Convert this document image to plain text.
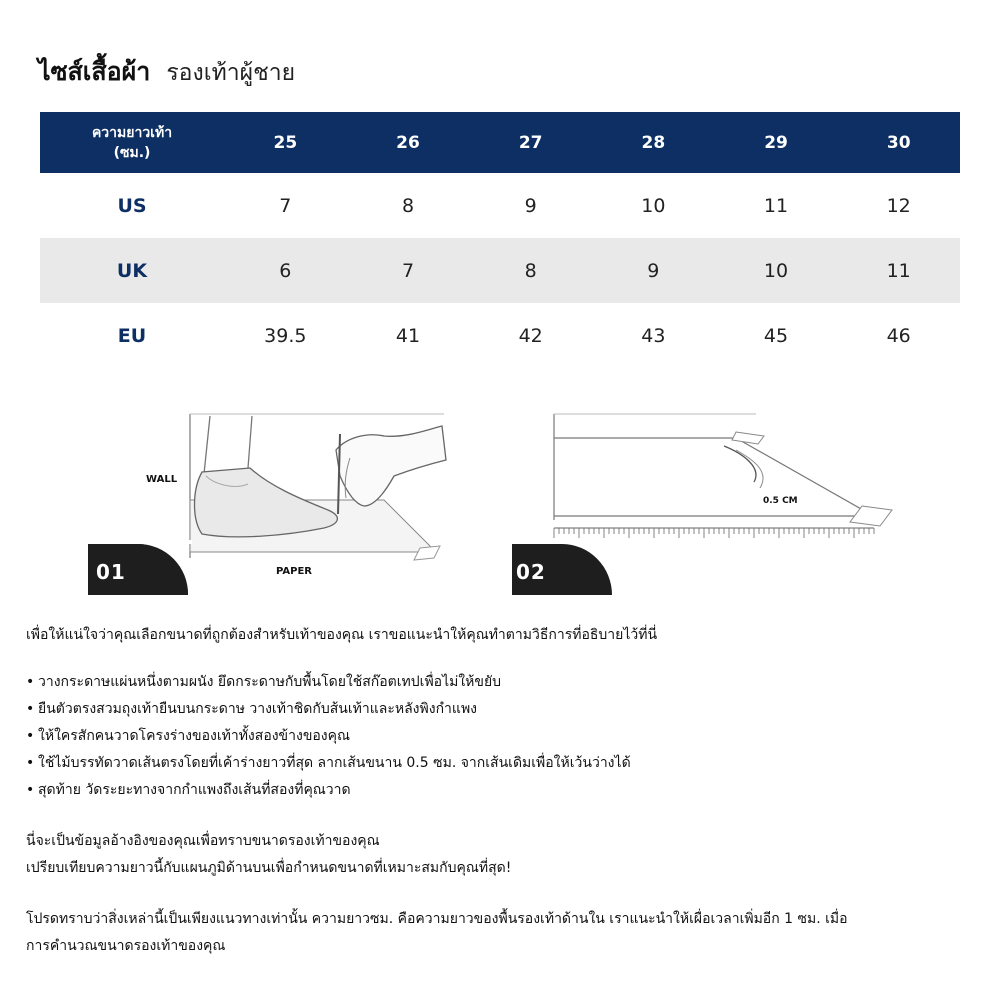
ไซส์เสื้อผ้า รองเท้าผู้ชาย
ความยาวเท้า
(ซม.)	25	26	27	28	29	30
US	7	8	9	10	11	12
UK	6	7	8	9	10	11
EU	39.5	41	42	43	45	46
01
WALL
PAPER	02
0.5 CM
เพื่อให้แน่ใจว่าคุณเลือกขนาดที่ถูกต้องสำหรับเท้าของคุณ เราขอแนะนำให้คุณทำตามวิธีการที่อธิบายไว้ที่นี่
• วางกระดาษแผ่นหนึ่งตามผนัง ยึดกระดาษกับพื้นโดยใช้สก๊อตเทปเพื่อไม่ให้ขยับ
• ยืนตัวตรงสวมถุงเท้ายืนบนกระดาษ วางเท้าชิดกับส้นเท้าและหลังพิงกำแพง
• ให้ใครสักคนวาดโครงร่างของเท้าทั้งสองข้างของคุณ
• ใช้ไม้บรรทัดวาดเส้นตรงโดยที่เค้าร่างยาวที่สุด ลากเส้นขนาน 0.5 ซม. จากเส้นเดิมเพื่อให้เว้นว่างได้
• สุดท้าย วัดระยะทางจากกำแพงถึงเส้นที่สองที่คุณวาด
นี่จะเป็นข้อมูลอ้างอิงของคุณเพื่อทราบขนาดรองเท้าของคุณ
เปรียบเทียบความยาวนี้กับแผนภูมิด้านบนเพื่อกำหนดขนาดที่เหมาะสมกับคุณที่สุด!
โปรดทราบว่าสิ่งเหล่านี้เป็นเพียงแนวทางเท่านั้น ความยาวซม. คือความยาวของพื้นรองเท้าด้านใน เราแนะนำให้เผื่อเวลาเพิ่มอีก 1 ซม. เมื่อ
การคำนวณขนาดรองเท้าของคุณ
